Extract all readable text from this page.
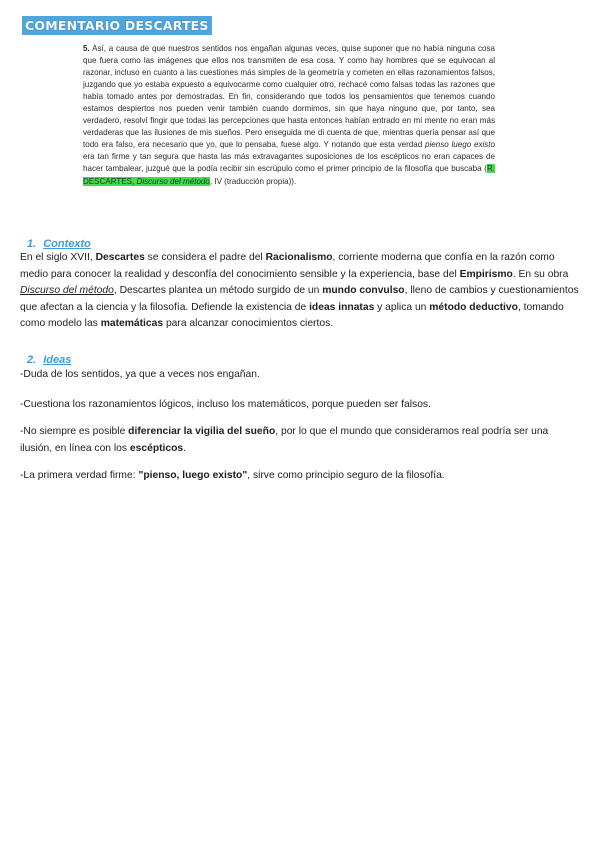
COMENTARIO DESCARTES
5. Así, a causa de que nuestros sentidos nos engañan algunas veces, quise suponer que no había ninguna cosa que fuera como las imágenes que ellos nos transmiten de esa cosa. Y como hay hombres que se equivocan al razonar, incluso en cuanto a las cuestiones más simples de la geometría y cometen en ellas razonamientos falsos, juzgando que yo estaba expuesto a equivocarme como cualquier otro, rechacé como falsas todas las razones que había tomado antes por demostradas. En fin, considerando que todos los pensamientos que tenemos cuando estamos despiertos nos pueden venir también cuando dormimos, sin que haya ninguno que, por tanto, sea verdadero, resolví fingir que todas las percepciones que hasta entonces habían entrado en mi mente no eran más verdaderas que las ilusiones de mis sueños. Pero enseguida me di cuenta de que, mientras quería pensar así que todo era falso, era necesario que yo, que lo pensaba, fuese algo. Y notando que esta verdad pienso luego existo era tan firme y tan segura que hasta las más extravagantes suposiciones de los escépticos no eran capaces de hacer tambalear, juzgué que la podía recibir sin escrúpulo como el primer principio de la filosofía que buscaba (R. DESCARTES, Discurso del método, IV (traducción propia)).
1. Contexto
En el siglo XVII, Descartes se considera el padre del Racionalismo, corriente moderna que confía en la razón como medio para conocer la realidad y desconfía del conocimiento sensible y la experiencia, base del Empirismo. En su obra Discurso del método, Descartes plantea un método surgido de un mundo convulso, lleno de cambios y cuestionamientos que afectan a la ciencia y la filosofía. Defiende la existencia de ideas innatas y aplica un método deductivo, tomando como modelo las matemáticas para alcanzar conocimientos ciertos.
2. Ideas
-Duda de los sentidos, ya que a veces nos engañan.
-Cuestiona los razonamientos lógicos, incluso los matemáticos, porque pueden ser falsos.
-No siempre es posible diferenciar la vigilia del sueño, por lo que el mundo que consideramos real podría ser una ilusión, en línea con los escépticos.
-La primera verdad firme: "pienso, luego existo", sirve como principio seguro de la filosofía.
